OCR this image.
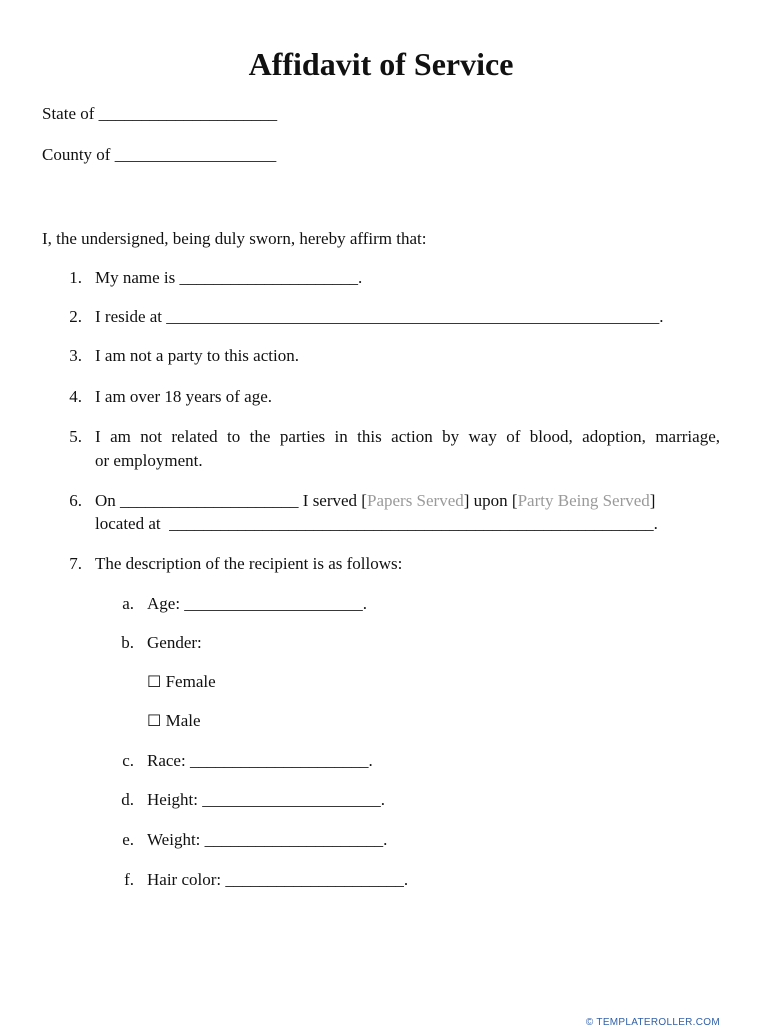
Affidavit of Service
State of _____________________
County of ___________________
I, the undersigned, being duly sworn, hereby affirm that:
1. My name is _____________________.
2. I reside at __________________________________________________________.
3. I am not a party to this action.
4. I am over 18 years of age.
5. I am not related to the parties in this action by way of blood, adoption, marriage,
or employment.
6. On _____________________ I served [Papers Served] upon [Party Being Served]
located at _________________________________________________________.
7. The description of the recipient is as follows:
a. Age: _____________________.
b. Gender:
☐ Female
☐ Male
c. Race: _____________________.
d. Height: _____________________.
e. Weight: _____________________.
f. Hair color: _____________________.
© TEMPLATEROLLER.COM
